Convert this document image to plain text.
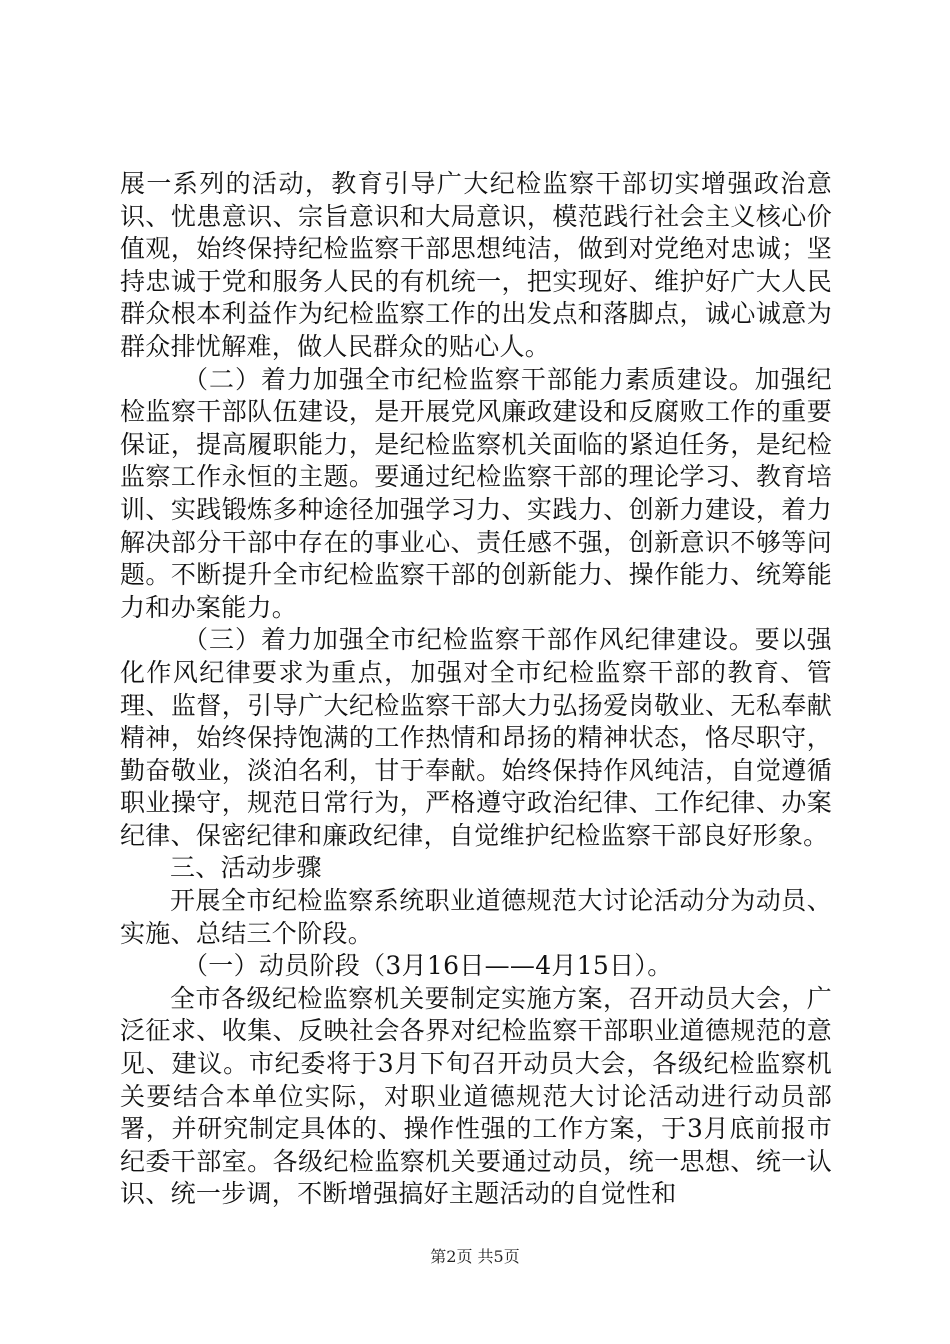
展一系列的活动，教育引导广大纪检监察干部切实增强政治意识、忧患意识、宗旨意识和大局意识，模范践行社会主义核心价值观，始终保持纪检监察干部思想纯洁，做到对党绝对忠诚；坚持忠诚于党和服务人民的有机统一，把实现好、维护好广大人民群众根本利益作为纪检监察工作的出发点和落脚点，诚心诚意为群众排忧解难，做人民群众的贴心人。

（二）着力加强全市纪检监察干部能力素质建设。加强纪检监察干部队伍建设，是开展党风廉政建设和反腐败工作的重要保证，提高履职能力，是纪检监察机关面临的紧迫任务，是纪检监察工作永恒的主题。要通过纪检监察干部的理论学习、教育培训、实践锻炼多种途径加强学习力、实践力、创新力建设，着力解决部分干部中存在的事业心、责任感不强，创新意识不够等问题。不断提升全市纪检监察干部的创新能力、操作能力、统筹能力和办案能力。

（三）着力加强全市纪检监察干部作风纪律建设。要以强化作风纪律要求为重点，加强对全市纪检监察干部的教育、管理、监督，引导广大纪检监察干部大力弘扬爱岗敬业、无私奉献精神，始终保持饱满的工作热情和昂扬的精神状态，恪尽职守，勤奋敬业，淡泊名利，甘于奉献。始终保持作风纯洁，自觉遵循职业操守，规范日常行为，严格遵守政治纪律、工作纪律、办案纪律、保密纪律和廉政纪律，自觉维护纪检监察干部良好形象。

三、活动步骤

开展全市纪检监察系统职业道德规范大讨论活动分为动员、实施、总结三个阶段。

（一）动员阶段（3月16日——4月15日）。

全市各级纪检监察机关要制定实施方案，召开动员大会，广泛征求、收集、反映社会各界对纪检监察干部职业道德规范的意见、建议。市纪委将于3月下旬召开动员大会，各级纪检监察机关要结合本单位实际，对职业道德规范大讨论活动进行动员部署，并研究制定具体的、操作性强的工作方案，于3月底前报市纪委干部室。各级纪检监察机关要通过动员，统一思想、统一认识、统一步调，不断增强搞好主题活动的自觉性和

第2页 共5页
